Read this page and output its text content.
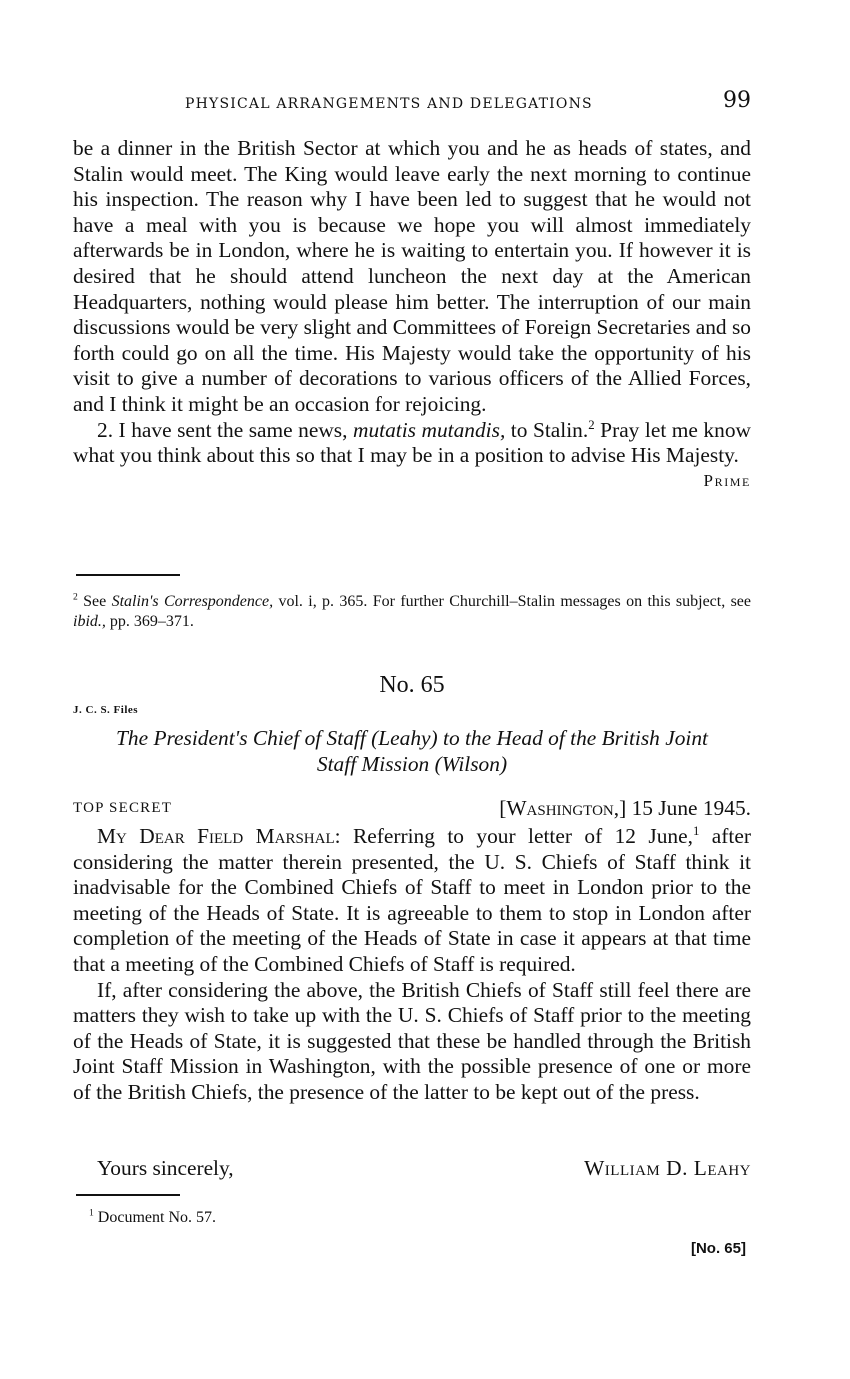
PHYSICAL ARRANGEMENTS AND DELEGATIONS	99

be a dinner in the British Sector at which you and he as heads of states, and Stalin would meet. The King would leave early the next morning to continue his inspection. The reason why I have been led to suggest that he would not have a meal with you is because we hope you will almost immediately afterwards be in London, where he is waiting to entertain you. If however it is desired that he should attend luncheon the next day at the American Headquarters, nothing would please him better. The interruption of our main discussions would be very slight and Committees of Foreign Secretaries and so forth could go on all the time. His Majesty would take the opportunity of his visit to give a number of decorations to various officers of the Allied Forces, and I think it might be an occasion for rejoicing.

2. I have sent the same news, mutatis mutandis, to Stalin.$^2$ Pray let me know what you think about this so that I may be in a position to advise His Majesty.

Prime
$^2$ See Stalin's Correspondence, vol. i, p. 365. For further Churchill–Stalin messages on this subject, see ibid., pp. 369–371.
No. 65
J. C. S. Files
The President's Chief of Staff (Leahy) to the Head of the British Joint
Staff Mission (Wilson)
TOP SECRET	[Washington,] 15 June 1945.

My Dear Field Marshal: Referring to your letter of 12 June,$^1$ after considering the matter therein presented, the U. S. Chiefs of Staff think it inadvisable for the Combined Chiefs of Staff to meet in London prior to the meeting of the Heads of State. It is agreeable to them to stop in London after completion of the meeting of the Heads of State in case it appears at that time that a meeting of the Combined Chiefs of Staff is required.

If, after considering the above, the British Chiefs of Staff still feel there are matters they wish to take up with the U. S. Chiefs of Staff prior to the meeting of the Heads of State, it is suggested that these be handled through the British Joint Staff Mission in Washington, with the possible presence of one or more of the British Chiefs, the presence of the latter to be kept out of the press.

Yours sincerely,	William D. Leahy
$^1$ Document No. 57.
[No. 65]
